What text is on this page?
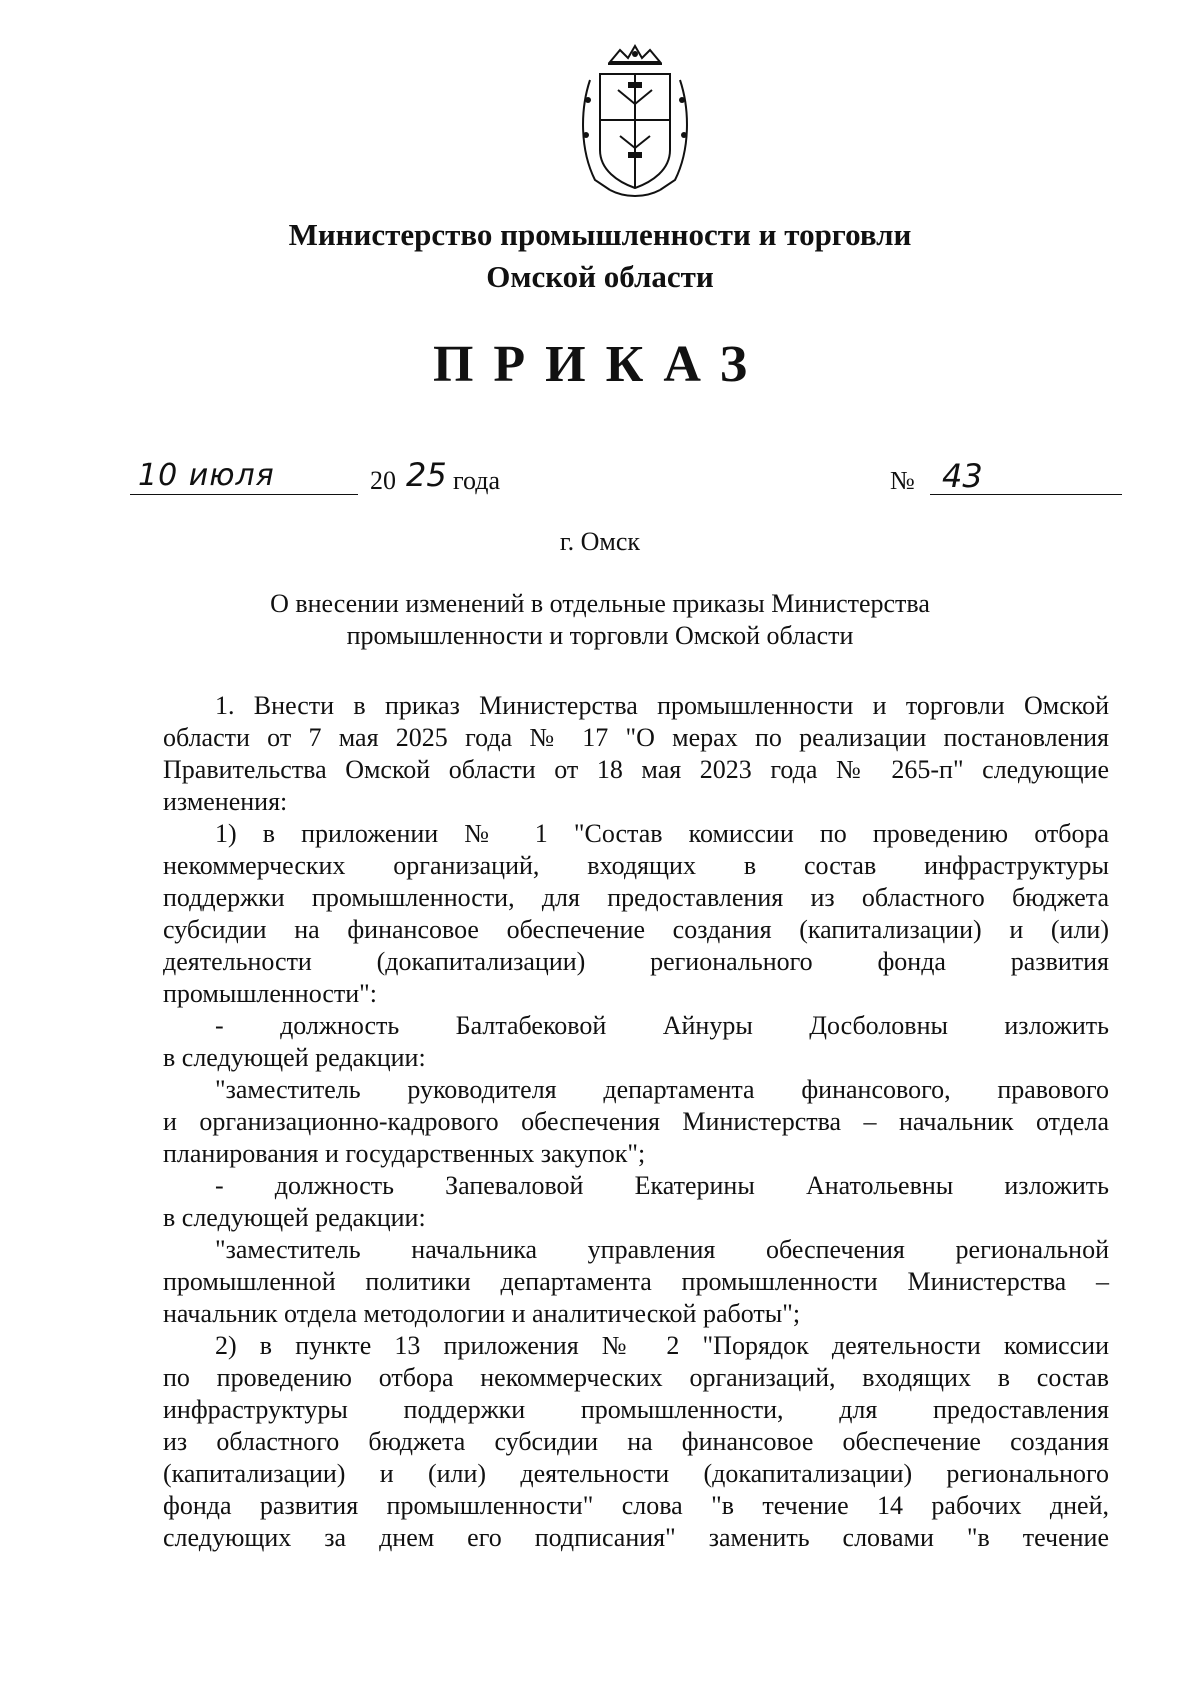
Министерство промышленности и торговли
Омской области
ПРИКАЗ
10 июля	20 25 года	№ 43
г. Омск
О внесении изменений в отдельные приказы Министерства
промышленности и торговли Омской области
1. Внести в приказ Министерства промышленности и торговли Омской
области от 7 мая 2025 года № 17 "О мерах по реализации постановления
Правительства Омской области от 18 мая 2023 года № 265-п" следующие
изменения:
1) в приложении № 1 "Состав комиссии по проведению отбора
некоммерческих организаций, входящих в состав инфраструктуры
поддержки промышленности, для предоставления из областного бюджета
субсидии на финансовое обеспечение создания (капитализации) и (или)
деятельности (докапитализации) регионального фонда развития
промышленности":
- должность Балтабековой Айнуры Досболовны изложить
в следующей редакции:
"заместитель руководителя департамента финансового, правового
и организационно-кадрового обеспечения Министерства – начальник отдела
планирования и государственных закупок";
- должность Запеваловой Екатерины Анатольевны изложить
в следующей редакции:
"заместитель начальника управления обеспечения региональной
промышленной политики департамента промышленности Министерства –
начальник отдела методологии и аналитической работы";
2) в пункте 13 приложения № 2 "Порядок деятельности комиссии
по проведению отбора некоммерческих организаций, входящих в состав
инфраструктуры поддержки промышленности, для предоставления
из областного бюджета субсидии на финансовое обеспечение создания
(капитализации) и (или) деятельности (докапитализации) регионального
фонда развития промышленности" слова "в течение 14 рабочих дней,
следующих за днем его подписания" заменить словами "в течение
